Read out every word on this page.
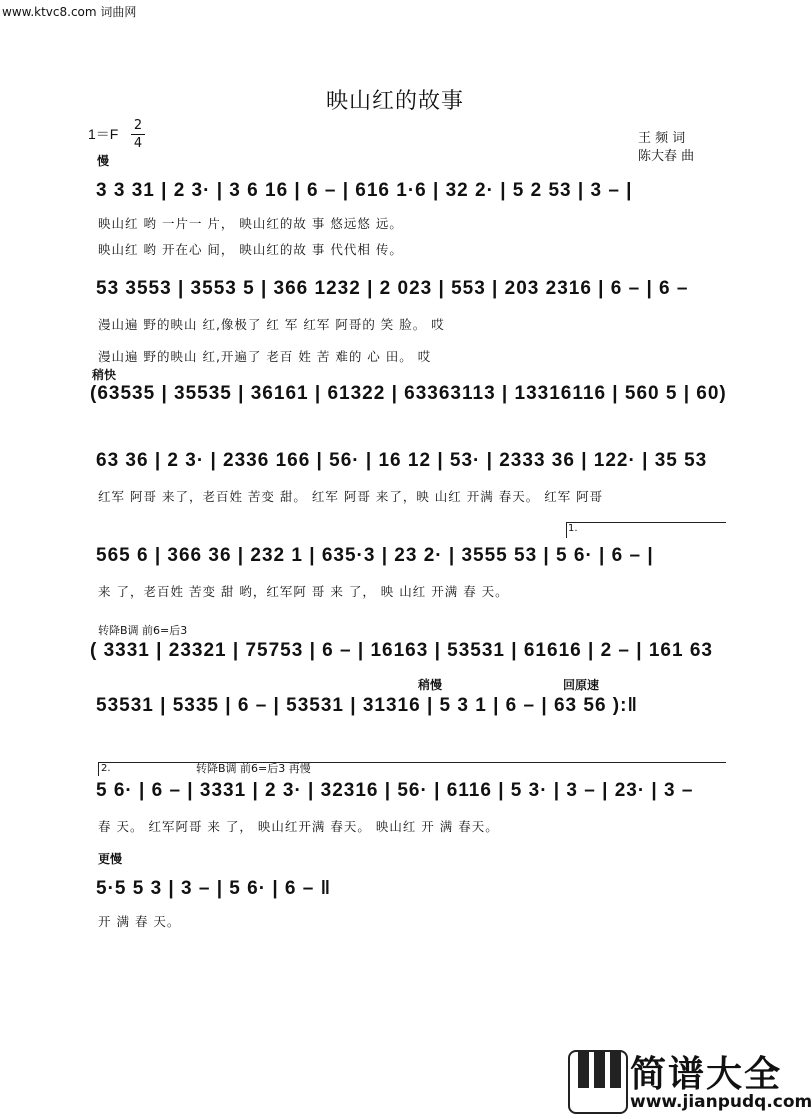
www.ktvc8.com 词曲网
映山红的故事
$1=F \frac{2}{4}$	王 频 词
陈大春 曲
慢
3 3 31 | 2 3· | 3 6 16 | 6 – | 616 1·6 | 32 2· | 5 2 53 | 3 – |
映山红 哟 一片一 片， 映山红的故 事 悠远悠 远。
映山红 哟 开在心 间， 映山红的故 事 代代相 传。
53 3553 | 3553 5 | 366 1232 | 2 023 | 553 | 203 2316 | 6 – | 6 –
漫山遍 野的映山 红,像极了 红 军 红军 阿哥的 笑 脸。 哎
漫山遍 野的映山 红,开遍了 老百 姓 苦 难的 心 田。 哎
稍快
(63535 | 35535 | 36161 | 61322 | 63363113 | 13316116 | 560 5 | 60)
63 36 | 2 3· | 2336 166 | 56· | 16 12 | 53· | 2333 36 | 122· | 35 53
红军 阿哥 来了，老百姓 苦变 甜。 红军 阿哥 来了，映 山红 开满 春天。 红军 阿哥
1.
565 6 | 366 36 | 232 1 | 635·3 | 23 2· | 3555 53 | 5 6· | 6 – |
来 了，老百姓 苦变 甜 哟，红军阿 哥 来 了， 映 山红 开满 春 天。
转降B调 前6=后3
( 3331 | 23321 | 75753 | 6 – | 16163 | 53531 | 61616 | 2 – | 161 63
稍慢	回原速
53531 | 5335 | 6 – | 53531 | 31316 | 5 3 1 | 6 – | 63 56 ):‖
2.	转降B调 前6=后3 再慢
5 6· | 6 – | 3331 | 2 3· | 32316 | 56· | 6116 | 5 3· | 3 – | 23· | 3 –
春 天。 红军阿哥 来 了， 映山红开满 春天。 映山红 开 满 春天。
更慢
5·5 5 3 | 3 – | 5 6· | 6 – ‖
开 满 春 天。
简谱大全
www.jianpudq.com
